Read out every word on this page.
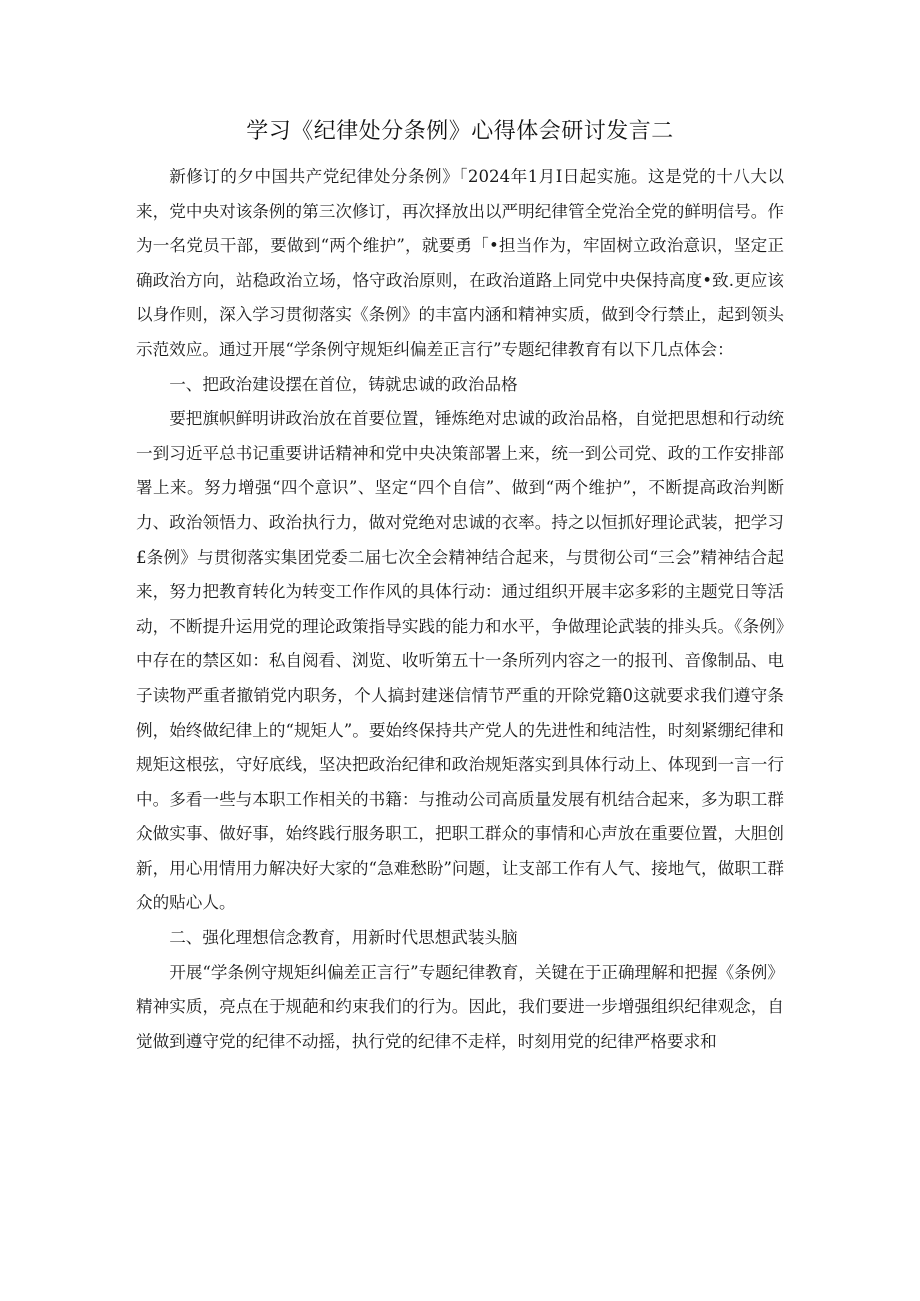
学习《纪律处分条例》心得体会研讨发言二

新修订的夕中国共产党纪律处分条例》「2024年1月I日起实施。这是党的十八大以来，党中央对该条例的第三次修订，再次择放出以严明纪律管全党治全党的鲜明信号。作为一名党员干部，要做到“两个维护”，就要勇「•担当作为，牢固树立政治意识，坚定正确政治方向，站稳政治立场，恪守政治原则，在政治道路上同党中央保持高度•致.更应该以身作则，深入学习贯彻落实《条例》的丰富内涵和精神实质，做到令行禁止，起到领头示范效应。通过开展“学条例守规矩纠偏差正言行”专题纪律教育有以下几点体会：

一、把政治建设摆在首位，铸就忠诚的政治品格

要把旗帜鲜明讲政治放在首要位置，锤炼绝对忠诚的政治品格，自觉把思想和行动统一到习近平总书记重要讲话精神和党中央决策部署上来，统一到公司党、政的工作安排部署上来。努力增强“四个意识”、坚定“四个自信”、做到“两个维护”，不断提高政治判断力、政治领悟力、政治执行力，做对党绝对忠诚的衣率。持之以恒抓好理论武装，把学习£条例》与贯彻落实集团党委二届七次全会精神结合起来，与贯彻公司“三会”精神结合起来，努力把教育转化为转变工作作风的具体行动：通过组织开展丰宓多彩的主题党日等活动，不断提升运用党的理论政策指导实践的能力和水平，争做理论武装的排头兵。《条例》中存在的禁区如：私自阅看、浏览、收听第五十一条所列内容之一的报刊、音像制品、电子读物严重者撤销党内职务，个人搞封建迷信情节严重的开除党籍0这就要求我们遵守条例，始终做纪律上的“规矩人”。要始终保持共产党人的先进性和纯洁性，时刻紧绷纪律和规矩这根弦，守好底线，坚决把政治纪律和政治规矩落实到具体行动上、体现到一言一行中。多看一些与本职工作相关的书籍：与推动公司高质量发展有机结合起来，多为职工群众做实事、做好事，始终践行服务职工，把职工群众的事情和心声放在重要位置，大胆创新，用心用情用力解决好大家的“急难愁盼”问题，让支部工作有人气、接地气，做职工群众的贴心人。

二、强化理想信念教育，用新时代思想武装头脑

开展“学条例守规矩纠偏差正言行”专题纪律教育，关键在于正确理解和把握《条例》精神实质，亮点在于规葩和约束我们的行为。因此，我们要进一步增强组织纪律观念，自觉做到遵守党的纪律不动摇，执行党的纪律不走样，时刻用党的纪律严格要求和
